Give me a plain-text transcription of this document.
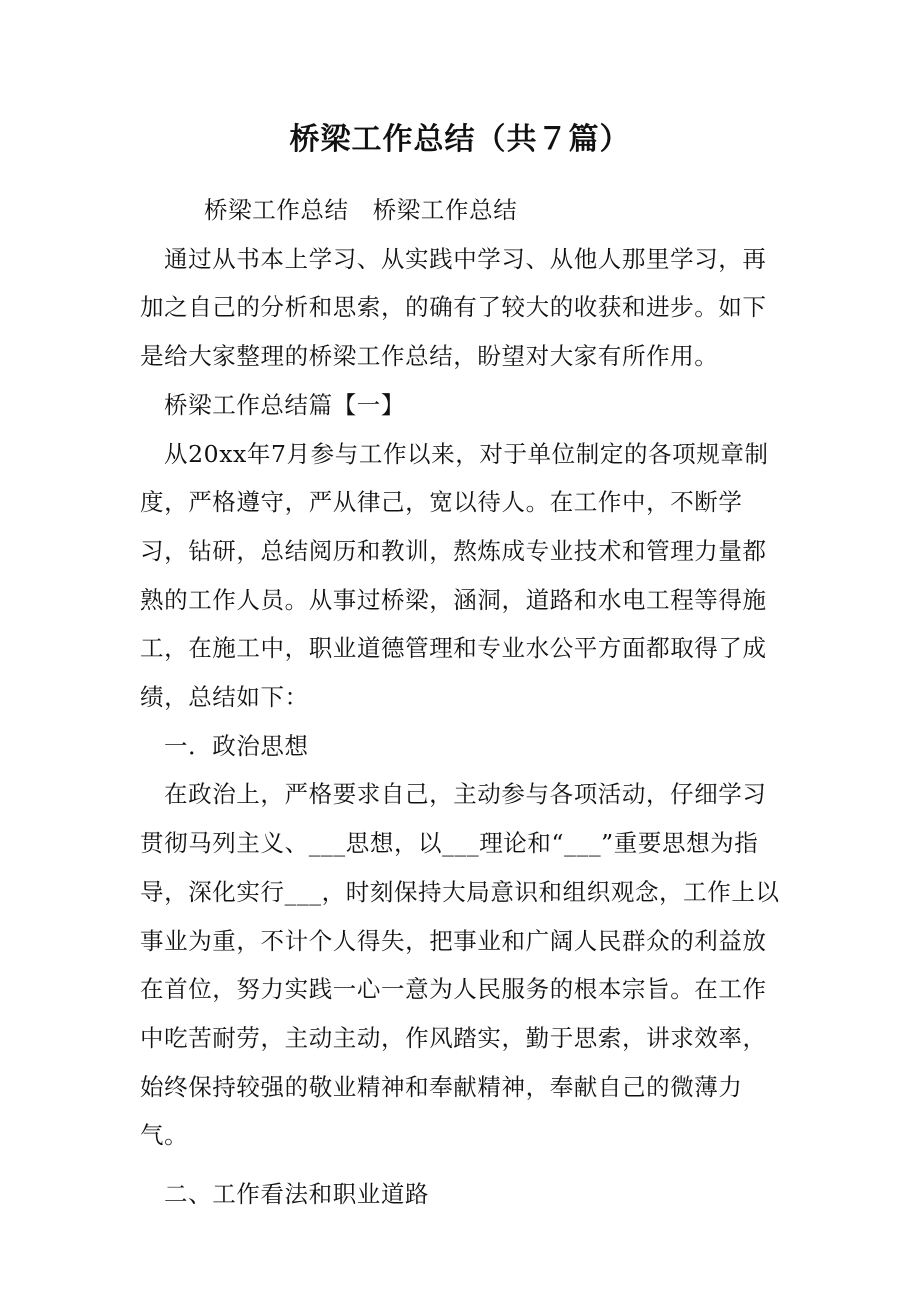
桥梁工作总结（共７篇）

桥梁工作总结　桥梁工作总结

通过从书本上学习、从实践中学习、从他人那里学习，再加之自己的分析和思索，的确有了较大的收获和进步。如下是给大家整理的桥梁工作总结，盼望对大家有所作用。

桥梁工作总结篇【一】

从20xx年7月参与工作以来，对于单位制定的各项规章制度，严格遵守，严从律己，宽以待人。在工作中，不断学习，钻研，总结阅历和教训，熬炼成专业技术和管理力量都熟的工作人员。从事过桥梁，涵洞，道路和水电工程等得施工，在施工中，职业道德管理和专业水公平方面都取得了成绩，总结如下：

一．政治思想

在政治上，严格要求自己，主动参与各项活动，仔细学习贯彻马列主义、___思想，以___理论和“___”重要思想为指导，深化实行___，时刻保持大局意识和组织观念，工作上以事业为重，不计个人得失，把事业和广阔人民群众的利益放在首位，努力实践一心一意为人民服务的根本宗旨。在工作中吃苦耐劳，主动主动，作风踏实，勤于思索，讲求效率，始终保持较强的敬业精神和奉献精神，奉献自己的微薄力气。

二、工作看法和职业道路
